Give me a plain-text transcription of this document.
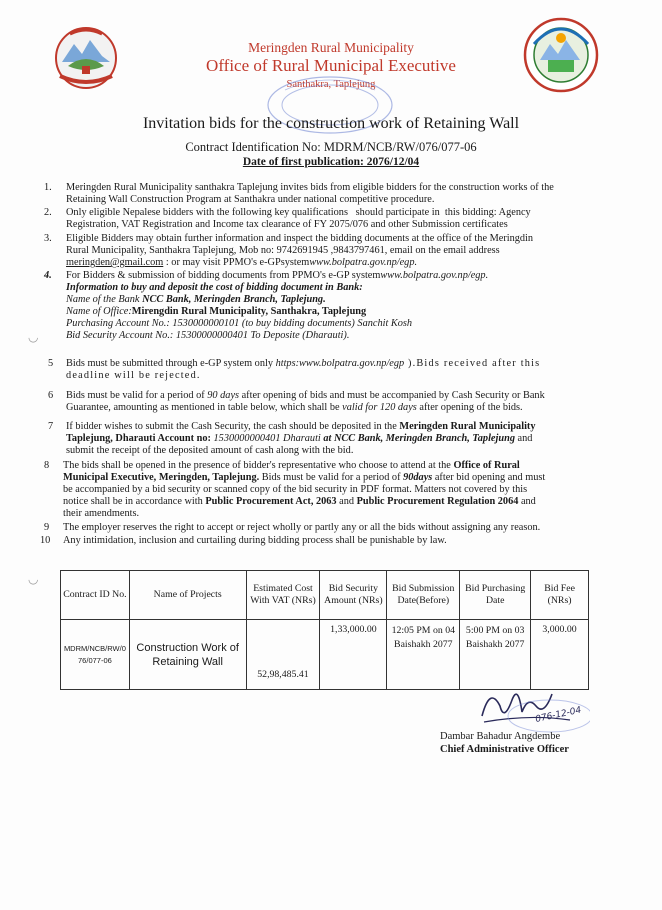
Meringden Rural Municipality
Office of Rural Municipal Executive
Santhakra, Taplejung
Invitation bids for the construction work of Retaining Wall
Contract Identification No: MDRM/NCB/RW/076/077-06
Date of first publication: 2076/12/04
1. Meringden Rural Municipality santhakra Taplejung invites bids from eligible bidders for the construction works of the
Retaining Wall Construction Program at Santhakra under national competitive procedure.
2. Only eligible Nepalese bidders with the following key qualifications   should participate in  this bidding: Agency
Registration, VAT Registration and Income tax clearance of FY 2075/076 and other Submission certificates
3. Eligible Bidders may obtain further information and inspect the bidding documents at the office of the Meringdin
Rural Municipality, Santhakra Taplejung, Mob no: 9742691945 ,9843797461, email on the email address
meringden@gmail.com : or may visit PPMO's e-GPsystemwww.bolpatra.gov.np/egp.
4. For Bidders & submission of bidding documents from PPMO's e-GP systemwww.bolpatra.gov.np/egp.
Information to buy and deposit the cost of bidding document in Bank:
Name of the Bank NCC Bank, Meringden Branch, Taplejung.
Name of Office:Mirengdin Rural Municipality, Santhakra, Taplejung
Purchasing Account No.: 1530000000101 (to buy bidding documents) Sanchit Kosh
Bid Security Account No.: 15300000000401 To Deposite (Dharauti).
5 Bids must be submitted through e-GP system only https:www.bolpatra.gov.np/egp ).Bids received after this
deadline will be rejected.
6 Bids must be valid for a period of 90 days after opening of bids and must be accompanied by Cash Security or Bank
Guarantee, amounting as mentioned in table below, which shall be valid for 120 days after opening of the bids.
7 If bidder wishes to submit the Cash Security, the cash should be deposited in the Meringden Rural Municipality
Taplejung, Dharauti Account no: 1530000000401 Dharauti at NCC Bank, Meringden Branch, Taplejung and
submit the receipt of the deposited amount of cash along with the bid.
8 The bids shall be opened in the presence of bidder's representative who choose to attend at the Office of Rural
Municipal Executive, Meringden, Taplejung. Bids must be valid for a period of 90days after bid opening and must
be accompanied by a bid security or scanned copy of the bid security in PDF format. Matters not covered by this
notice shall be in accordance with Public Procurement Act, 2063 and Public Procurement Regulation 2064 and
their amendments.
9 The employer reserves the right to accept or reject wholly or partly any or all the bids without assigning any reason.
10 Any intimidation, inclusion and curtailing during bidding process shall be punishable by law.
◡
◡
Contract ID No.	Name of Projects	Estimated Cost With VAT (NRs)	Bid Security Amount (NRs)	Bid Submission Date(Before)	Bid Purchasing Date	Bid Fee (NRs)
MDRM/NCB/RW/076/077-06	Construction Work of Retaining Wall	52,98,485.41	1,33,000.00	12:05 PM on 04 Baishakh 2077	5:00 PM on 03 Baishakh 2077	3,000.00
076-12-04
Dambar Bahadur Angdembe
Chief Administrative Officer
